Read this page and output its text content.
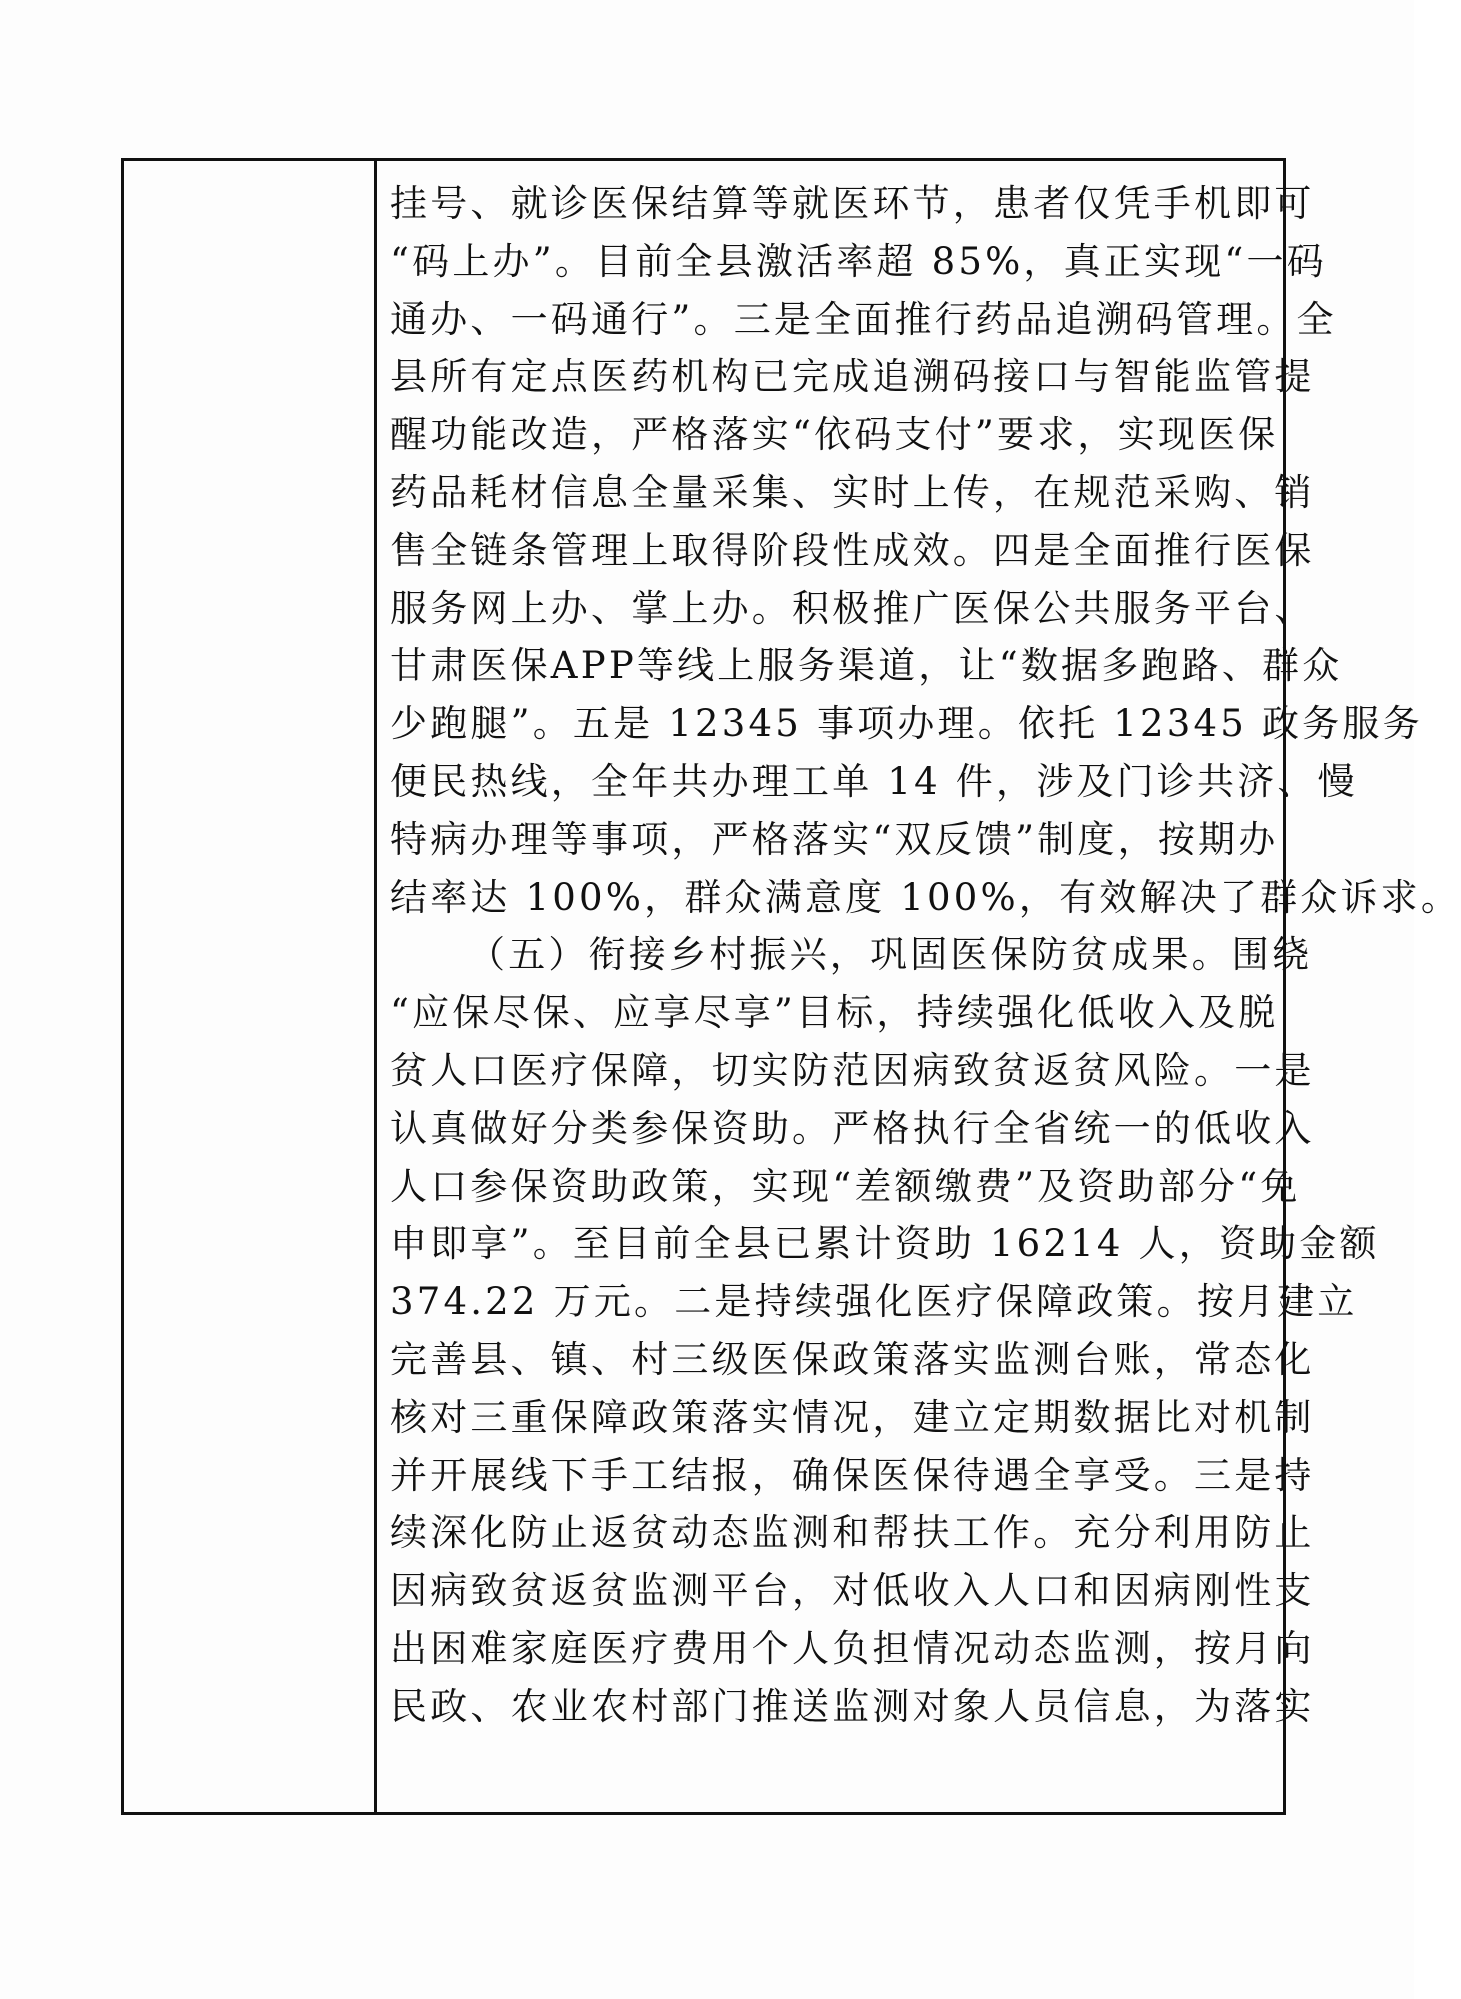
挂号、就诊医保结算等就医环节，患者仅凭手机即可
“码上办”。目前全县激活率超 85%，真正实现“一码
通办、一码通行”。三是全面推行药品追溯码管理。全
县所有定点医药机构已完成追溯码接口与智能监管提
醒功能改造，严格落实“依码支付”要求，实现医保
药品耗材信息全量采集、实时上传，在规范采购、销
售全链条管理上取得阶段性成效。四是全面推行医保
服务网上办、掌上办。积极推广医保公共服务平台、
甘肃医保APP等线上服务渠道，让“数据多跑路、群众
少跑腿”。五是 12345 事项办理。依托 12345 政务服务
便民热线，全年共办理工单 14 件，涉及门诊共济、慢
特病办理等事项，严格落实“双反馈”制度，按期办
结率达 100%，群众满意度 100%，有效解决了群众诉求。
（五）衔接乡村振兴，巩固医保防贫成果。围绕
“应保尽保、应享尽享”目标，持续强化低收入及脱
贫人口医疗保障，切实防范因病致贫返贫风险。一是
认真做好分类参保资助。严格执行全省统一的低收入
人口参保资助政策，实现“差额缴费”及资助部分“免
申即享”。至目前全县已累计资助 16214 人，资助金额
374.22 万元。二是持续强化医疗保障政策。按月建立
完善县、镇、村三级医保政策落实监测台账，常态化
核对三重保障政策落实情况，建立定期数据比对机制
并开展线下手工结报，确保医保待遇全享受。三是持
续深化防止返贫动态监测和帮扶工作。充分利用防止
因病致贫返贫监测平台，对低收入人口和因病刚性支
出困难家庭医疗费用个人负担情况动态监测，按月向
民政、农业农村部门推送监测对象人员信息，为落实
